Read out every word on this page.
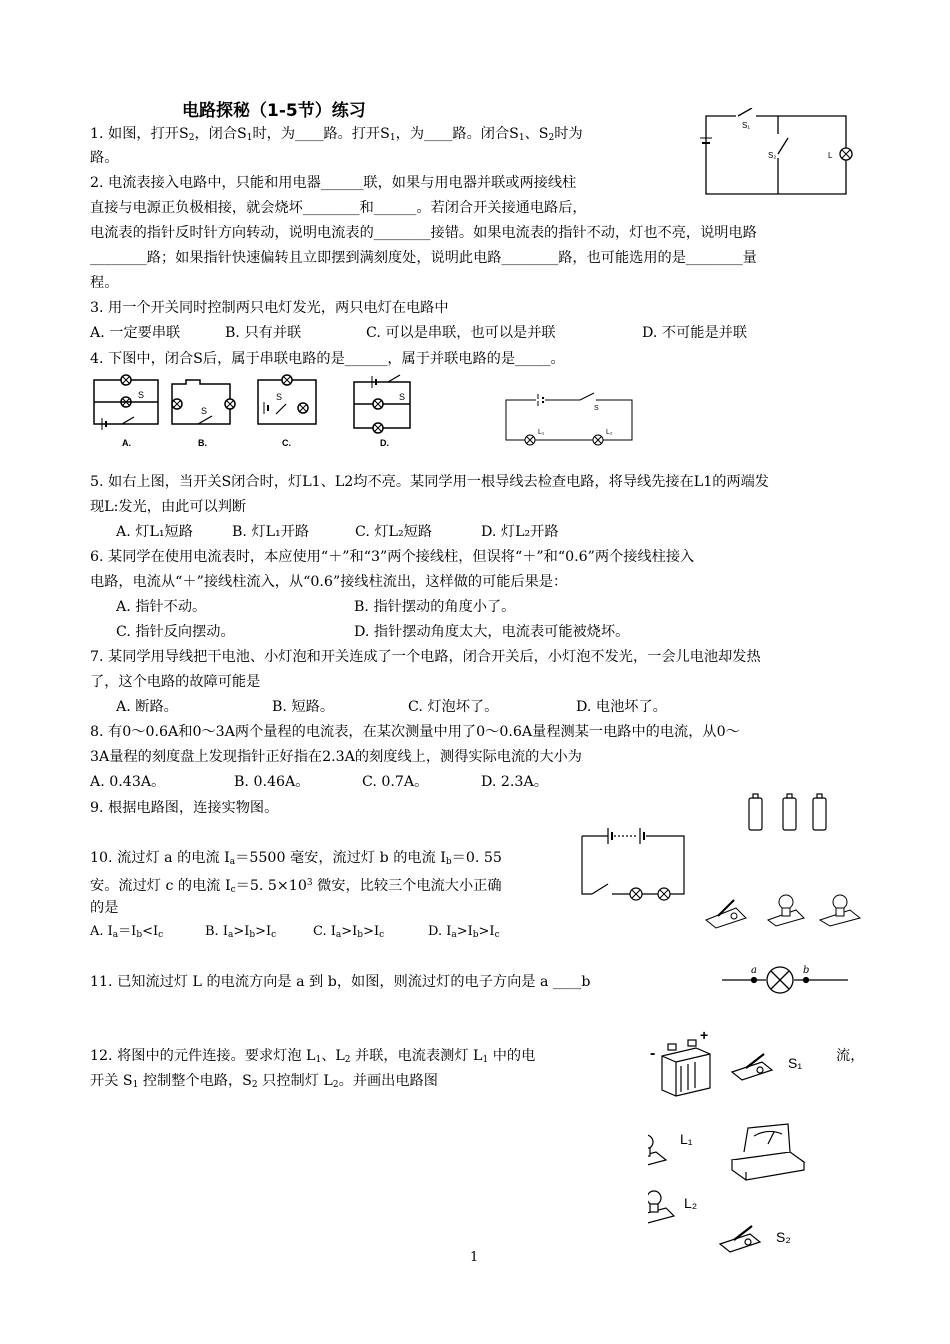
电路探秘（1-5节）练习
1. 如图，打开$S_2$，闭合$S_1$时，为____路。打开$S_1$，为____路。闭合$S_1$、$S_2$时为
路。
2. 电流表接入电路中，只能和用电器______联，如果与用电器并联或两接线柱
直接与电源正负极相接，就会烧坏________和______。若闭合开关接通电路后，
电流表的指针反时针方向转动，说明电流表的________接错。如果电流表的指针不动，灯也不亮，说明电路
________路；如果指针快速偏转且立即摆到满刻度处，说明此电路________路，也可能选用的是________量
程。
3. 用一个开关同时控制两只电灯发光，两只电灯在电路中
A. 一定要串联	B. 只有并联	C. 可以是串联，也可以是并联	D. 不可能是并联
4. 下图中，闭合S后，属于串联电路的是______，属于并联电路的是_____。
S
A.
S
B.
S
C.
S
D.
S
L₁	L₂
S₁
S₂	L
5. 如右上图，当开关S闭合时，灯L1、L2均不亮。某同学用一根导线去检查电路，将导线先接在L1的两端发
现L:发光，由此可以判断
A. 灯L₁短路	B. 灯L₁开路	C. 灯L₂短路	D. 灯L₂开路
6. 某同学在使用电流表时，本应使用“＋”和“3”两个接线柱，但误将“＋”和“0.6”两个接线柱接入
电路，电流从“＋”接线柱流入，从“0.6”接线柱流出，这样做的可能后果是：
A. 指针不动。	B. 指针摆动的角度小了。
C. 指针反向摆动。	D. 指针摆动角度太大，电流表可能被烧坏。
7. 某同学用导线把干电池、小灯泡和开关连成了一个电路，闭合开关后，小灯泡不发光，一会儿电池却发热
了，这个电路的故障可能是
A. 断路。	B. 短路。	C. 灯泡坏了。	D. 电池坏了。
8. 有0～0.6A和0～3A两个量程的电流表，在某次测量中用了0～0.6A量程测某一电路中的电流，从0～
3A量程的刻度盘上发现指针正好指在2.3A的刻度线上，测得实际电流的大小为
A. 0.43A。	B. 0.46A。	C. 0.7A。	D. 2.3A。
9. 根据电路图，连接实物图。
10. 流过灯 a 的电流 $I_a=5500$ 毫安，流过灯 b 的电流 $I_b=0$. 55
安。流过灯 c 的电流 $I_c=5$. $5\times 10^3$ 微安，比较三个电流大小正确
的是
A. $I_a=I_b<I_c$	B. $I_a>I_b>I_c$	C. $I_a>I_b>I_c$	D. $I_a>I_b>I_c$
11. 已知流过灯 L 的电流方向是 a 到 b，如图，则流过灯的电子方向是 a ____b
a	b
12. 将图中的元件连接。要求灯泡 $L_1$、$L_2$ 并联，电流表测灯 $L_1$ 中的电	流，
开关 $S_1$ 控制整个电路，$S_2$ 只控制灯 $L_2$。并画出电路图
+
-
S₁
L₁
L₂
S₂
1
